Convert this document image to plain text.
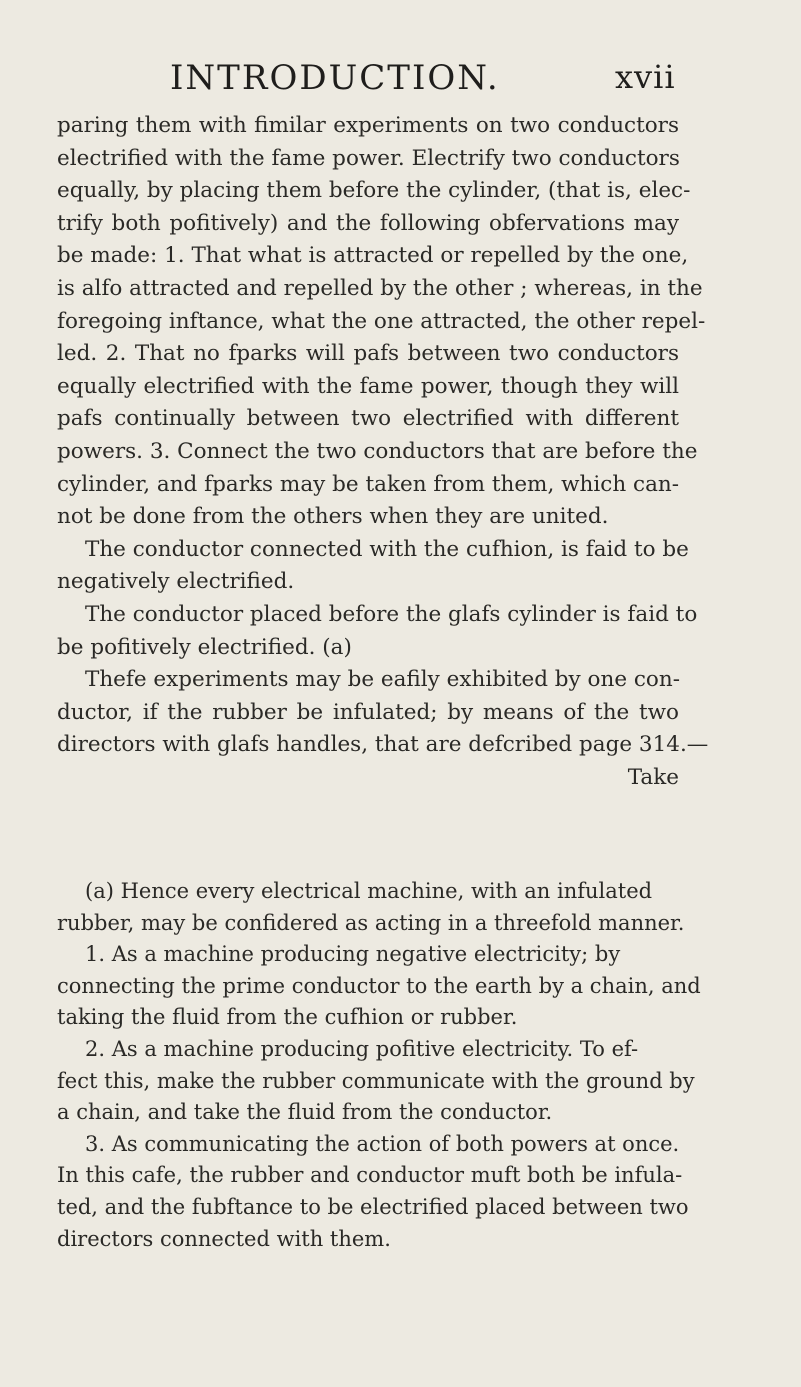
INTRODUCTION.	xvii
paring them with fimilar experiments on two conductors
electrified with the fame power. Electrify two conductors
equally, by placing them before the cylinder, (that is, elec-
trify both pofitively) and the following obfervations may
be made: 1. That what is attracted or repelled by the one,
is alfo attracted and repelled by the other ; whereas, in the
foregoing inftance, what the one attracted, the other repel-
led. 2. That no fparks will pafs between two conductors
equally electrified with the fame power, though they will
pafs continually between two electrified with different
powers. 3. Connect the two conductors that are before the
cylinder, and fparks may be taken from them, which can-
not be done from the others when they are united.
The conductor connected with the cufhion, is faid to be
negatively electrified.
The conductor placed before the glafs cylinder is faid to
be pofitively electrified. (a)
Thefe experiments may be eafily exhibited by one con-
ductor, if the rubber be infulated; by means of the two
directors with glafs handles, that are defcribed page 314.—
Take
(a) Hence every electrical machine, with an infulated
rubber, may be confidered as acting in a threefold manner.
1. As a machine producing negative electricity; by
connecting the prime conductor to the earth by a chain, and
taking the fluid from the cufhion or rubber.
2. As a machine producing pofitive electricity. To ef-
fect this, make the rubber communicate with the ground by
a chain, and take the fluid from the conductor.
3. As communicating the action of both powers at once.
In this cafe, the rubber and conductor muft both be infula-
ted, and the fubftance to be electrified placed between two
directors connected with them.
